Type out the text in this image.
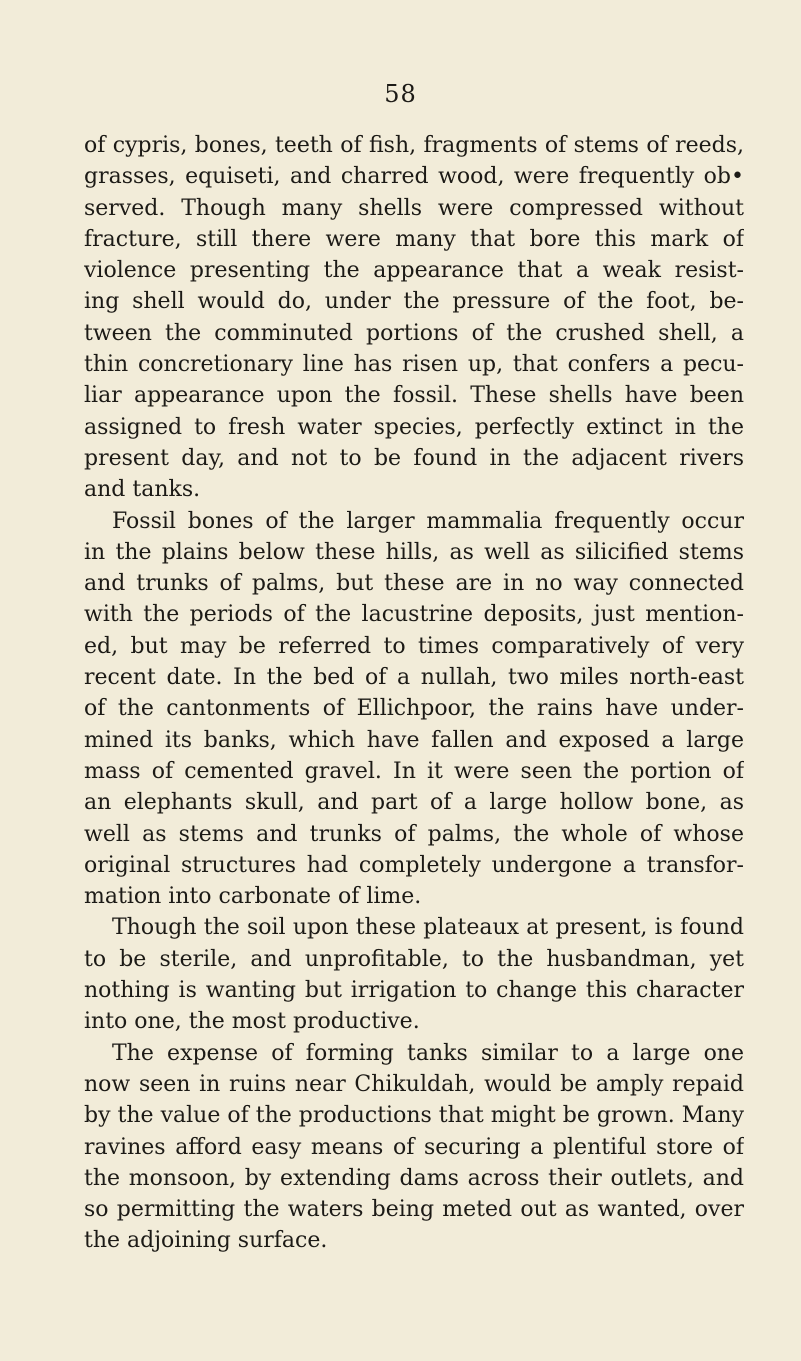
58
of cypris, bones, teeth of fish, fragments of stems of reeds,
grasses, equiseti, and charred wood, were frequently ob•
served. Though many shells were compressed without
fracture, still there were many that bore this mark of
violence presenting the appearance that a weak resist-
ing shell would do, under the pressure of the foot, be-
tween the comminuted portions of the crushed shell, a
thin concretionary line has risen up, that confers a pecu-
liar appearance upon the fossil. These shells have been
assigned to fresh water species, perfectly extinct in the
present day, and not to be found in the adjacent rivers
and tanks.
Fossil bones of the larger mammalia frequently occur
in the plains below these hills, as well as silicified stems
and trunks of palms, but these are in no way connected
with the periods of the lacustrine deposits, just mention-
ed, but may be referred to times comparatively of very
recent date. In the bed of a nullah, two miles north-east
of the cantonments of Ellichpoor, the rains have under-
mined its banks, which have fallen and exposed a large
mass of cemented gravel. In it were seen the portion of
an elephants skull, and part of a large hollow bone, as
well as stems and trunks of palms, the whole of whose
original structures had completely undergone a transfor-
mation into carbonate of lime.
Though the soil upon these plateaux at present, is found
to be sterile, and unprofitable, to the husbandman, yet
nothing is wanting but irrigation to change this character
into one, the most productive.
The expense of forming tanks similar to a large one
now seen in ruins near Chikuldah, would be amply repaid
by the value of the productions that might be grown. Many
ravines afford easy means of securing a plentiful store of
the monsoon, by extending dams across their outlets, and
so permitting the waters being meted out as wanted, over
the adjoining surface.
